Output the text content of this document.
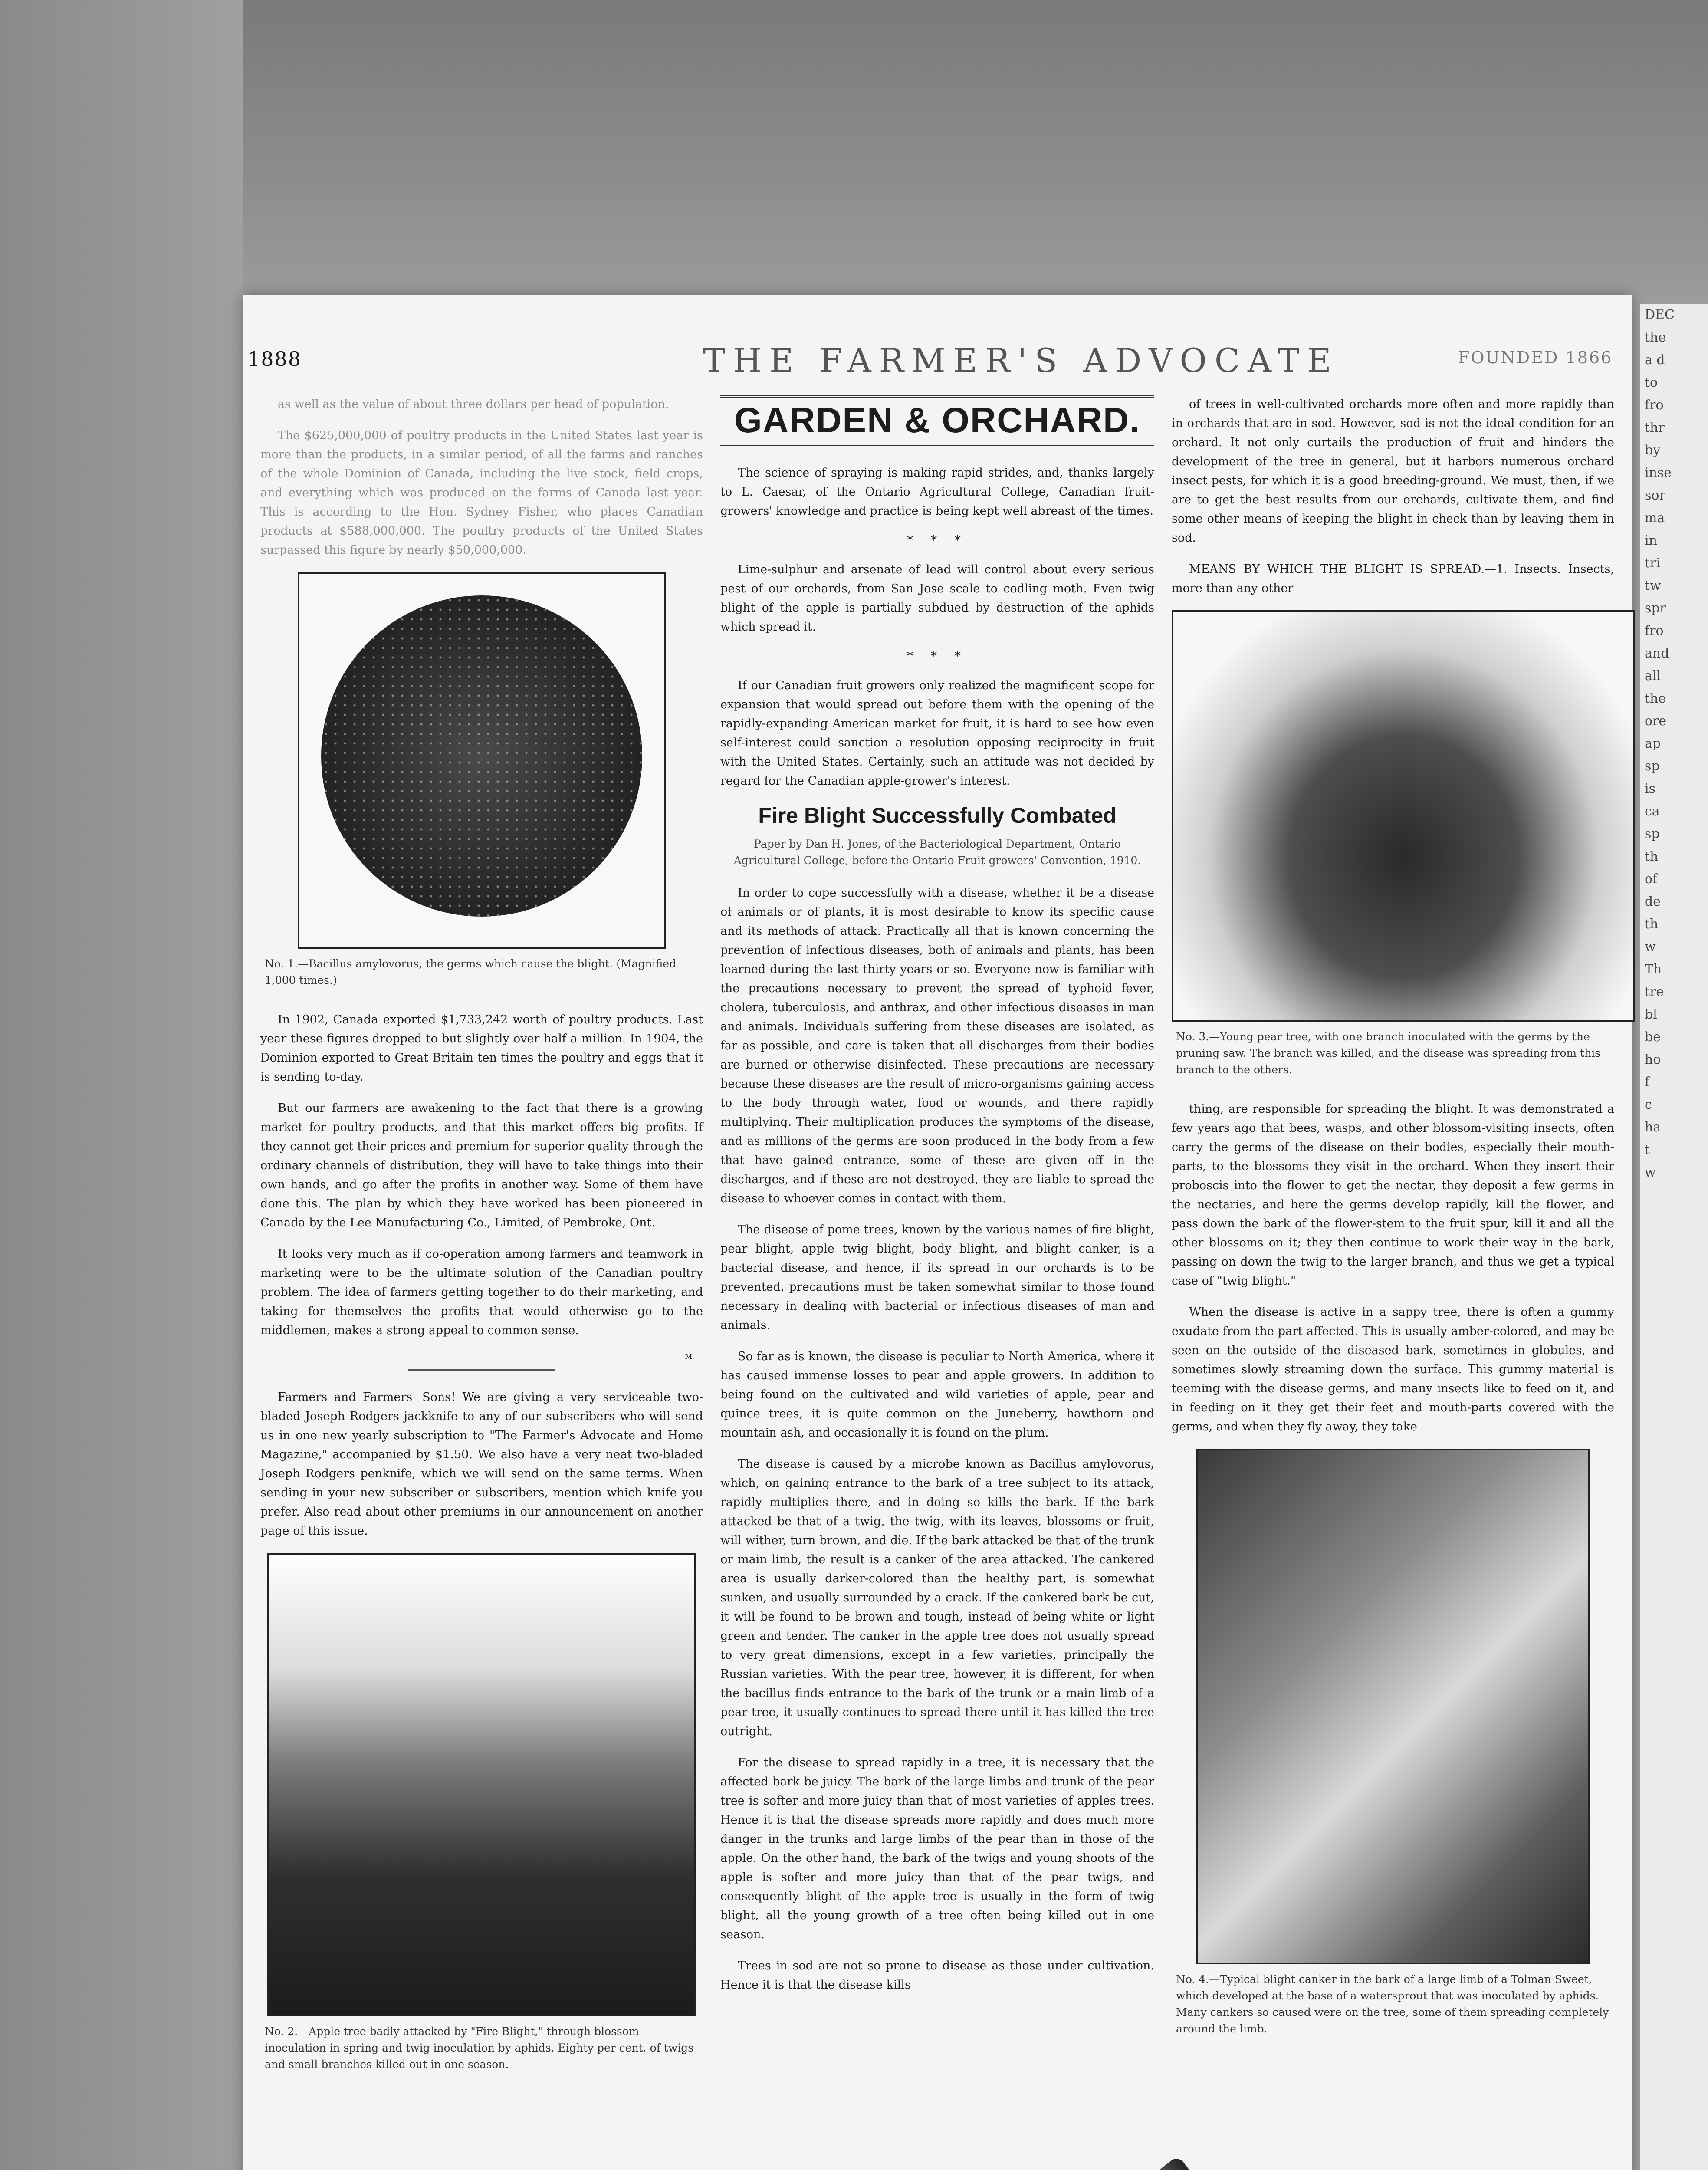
1888	THE FARMER'S ADVOCATE	FOUNDED 1866

as well as the value of about three dollars per head of population.

The $625,000,000 of poultry products in the United States last year is more than the products, in a similar period, of all the farms and ranches of the whole Dominion of Canada, including the live stock, field crops, and everything which was produced on the farms of Canada last year. This is according to the Hon. Sydney Fisher, who places Canadian products at $588,000,000. The poultry products of the United States surpassed this figure by nearly $50,000,000.

No. 1.—Bacillus amylovorus, the germs which cause the blight. (Magnified 1,000 times.)

In 1902, Canada exported $1,733,242 worth of poultry products. Last year these figures dropped to but slightly over half a million. In 1904, the Dominion exported to Great Britain ten times the poultry and eggs that it is sending to-day.

But our farmers are awakening to the fact that there is a growing market for poultry products, and that this market offers big profits. If they cannot get their prices and premium for superior quality through the ordinary channels of distribution, they will have to take things into their own hands, and go after the profits in another way. Some of them have done this. The plan by which they have worked has been pioneered in Canada by the Lee Manufacturing Co., Limited, of Pembroke, Ont.

It looks very much as if co-operation among farmers and teamwork in marketing were to be the ultimate solution of the Canadian poultry problem. The idea of farmers getting together to do their marketing, and taking for themselves the profits that would otherwise go to the middlemen, makes a strong appeal to common sense.

M.

Farmers and Farmers' Sons! We are giving a very serviceable two-bladed Joseph Rodgers jackknife to any of our subscribers who will send us in one new yearly subscription to "The Farmer's Advocate and Home Magazine," accompanied by $1.50. We also have a very neat two-bladed Joseph Rodgers penknife, which we will send on the same terms. When sending in your new subscriber or subscribers, mention which knife you prefer. Also read about other premiums in our announcement on another page of this issue.

No. 2.—Apple tree badly attacked by "Fire Blight," through blossom inoculation in spring and twig inoculation by aphids. Eighty per cent. of twigs and small branches killed out in one season.
GARDEN & ORCHARD.

The science of spraying is making rapid strides, and, thanks largely to L. Caesar, of the Ontario Agricultural College, Canadian fruit-growers' knowledge and practice is being kept well abreast of the times.

* * *

Lime-sulphur and arsenate of lead will control about every serious pest of our orchards, from San Jose scale to codling moth. Even twig blight of the apple is partially subdued by destruction of the aphids which spread it.

* * *

If our Canadian fruit growers only realized the magnificent scope for expansion that would spread out before them with the opening of the rapidly-expanding American market for fruit, it is hard to see how even self-interest could sanction a resolution opposing reciprocity in fruit with the United States. Certainly, such an attitude was not decided by regard for the Canadian apple-grower's interest.

Fire Blight Successfully Combated
Paper by Dan H. Jones, of the Bacteriological Department, Ontario Agricultural College, before the Ontario Fruit-growers' Convention, 1910.

In order to cope successfully with a disease, whether it be a disease of animals or of plants, it is most desirable to know its specific cause and its methods of attack. Practically all that is known concerning the prevention of infectious diseases, both of animals and plants, has been learned during the last thirty years or so. Everyone now is familiar with the precautions necessary to prevent the spread of typhoid fever, cholera, tuberculosis, and anthrax, and other infectious diseases in man and animals. Individuals suffering from these diseases are isolated, as far as possible, and care is taken that all discharges from their bodies are burned or otherwise disinfected. These precautions are necessary because these diseases are the result of micro-organisms gaining access to the body through water, food or wounds, and there rapidly multiplying. Their multiplication produces the symptoms of the disease, and as millions of the germs are soon produced in the body from a few that have gained entrance, some of these are given off in the discharges, and if these are not destroyed, they are liable to spread the disease to whoever comes in contact with them.

The disease of pome trees, known by the various names of fire blight, pear blight, apple twig blight, body blight, and blight canker, is a bacterial disease, and hence, if its spread in our orchards is to be prevented, precautions must be taken somewhat similar to those found necessary in dealing with bacterial or infectious diseases of man and animals.

So far as is known, the disease is peculiar to North America, where it has caused immense losses to pear and apple growers. In addition to being found on the cultivated and wild varieties of apple, pear and quince trees, it is quite common on the Juneberry, hawthorn and mountain ash, and occasionally it is found on the plum.

The disease is caused by a microbe known as Bacillus amylovorus, which, on gaining entrance to the bark of a tree subject to its attack, rapidly multiplies there, and in doing so kills the bark. If the bark attacked be that of a twig, the twig, with its leaves, blossoms or fruit, will wither, turn brown, and die. If the bark attacked be that of the trunk or main limb, the result is a canker of the area attacked. The cankered area is usually darker-colored than the healthy part, is somewhat sunken, and usually surrounded by a crack. If the cankered bark be cut, it will be found to be brown and tough, instead of being white or light green and tender. The canker in the apple tree does not usually spread to very great dimensions, except in a few varieties, principally the Russian varieties. With the pear tree, however, it is different, for when the bacillus finds entrance to the bark of the trunk or a main limb of a pear tree, it usually continues to spread there until it has killed the tree outright.

For the disease to spread rapidly in a tree, it is necessary that the affected bark be juicy. The bark of the large limbs and trunk of the pear tree is softer and more juicy than that of most varieties of apples trees. Hence it is that the disease spreads more rapidly and does much more danger in the trunks and large limbs of the pear than in those of the apple. On the other hand, the bark of the twigs and young shoots of the apple is softer and more juicy than that of the pear twigs, and consequently blight of the apple tree is usually in the form of twig blight, all the young growth of a tree often being killed out in one season.

Trees in sod are not so prone to disease as those under cultivation. Hence it is that the disease kills

of trees in well-cultivated orchards more often and more rapidly than in orchards that are in sod. However, sod is not the ideal condition for an orchard. It not only curtails the production of fruit and hinders the development of the tree in general, but it harbors numerous orchard insect pests, for which it is a good breeding-ground. We must, then, if we are to get the best results from our orchards, cultivate them, and find some other means of keeping the blight in check than by leaving them in sod.

MEANS BY WHICH THE BLIGHT IS SPREAD.—1. Insects. Insects, more than any other

No. 3.—Young pear tree, with one branch inoculated with the germs by the pruning saw. The branch was killed, and the disease was spreading from this branch to the others.

thing, are responsible for spreading the blight. It was demonstrated a few years ago that bees, wasps, and other blossom-visiting insects, often carry the germs of the disease on their bodies, especially their mouth-parts, to the blossoms they visit in the orchard. When they insert their proboscis into the flower to get the nectar, they deposit a few germs in the nectaries, and here the germs develop rapidly, kill the flower, and pass down the bark of the flower-stem to the fruit spur, kill it and all the other blossoms on it; they then continue to work their way in the bark, passing on down the twig to the larger branch, and thus we get a typical case of "twig blight."

When the disease is active in a sappy tree, there is often a gummy exudate from the part affected. This is usually amber-colored, and may be seen on the outside of the diseased bark, sometimes in globules, and sometimes slowly streaming down the surface. This gummy material is teeming with the disease germs, and many insects like to feed on it, and in feeding on it they get their feet and mouth-parts covered with the germs, and when they fly away, they take

No. 4.—Typical blight canker in the bark of a large limb of a Tolman Sweet, which developed at the base of a watersprout that was inoculated by aphids. Many cankers so caused were on the tree, some of them spreading completely around the limb.
DEC
the
a d
to
fro
thr
by
inse
sor
ma
in
tri
tw
spr
fro
and
all
the
ore
ap
sp
is
ca
sp
th
of
de
th
w
Th
tre
bl
be
ho
f
c
ha
t
w
